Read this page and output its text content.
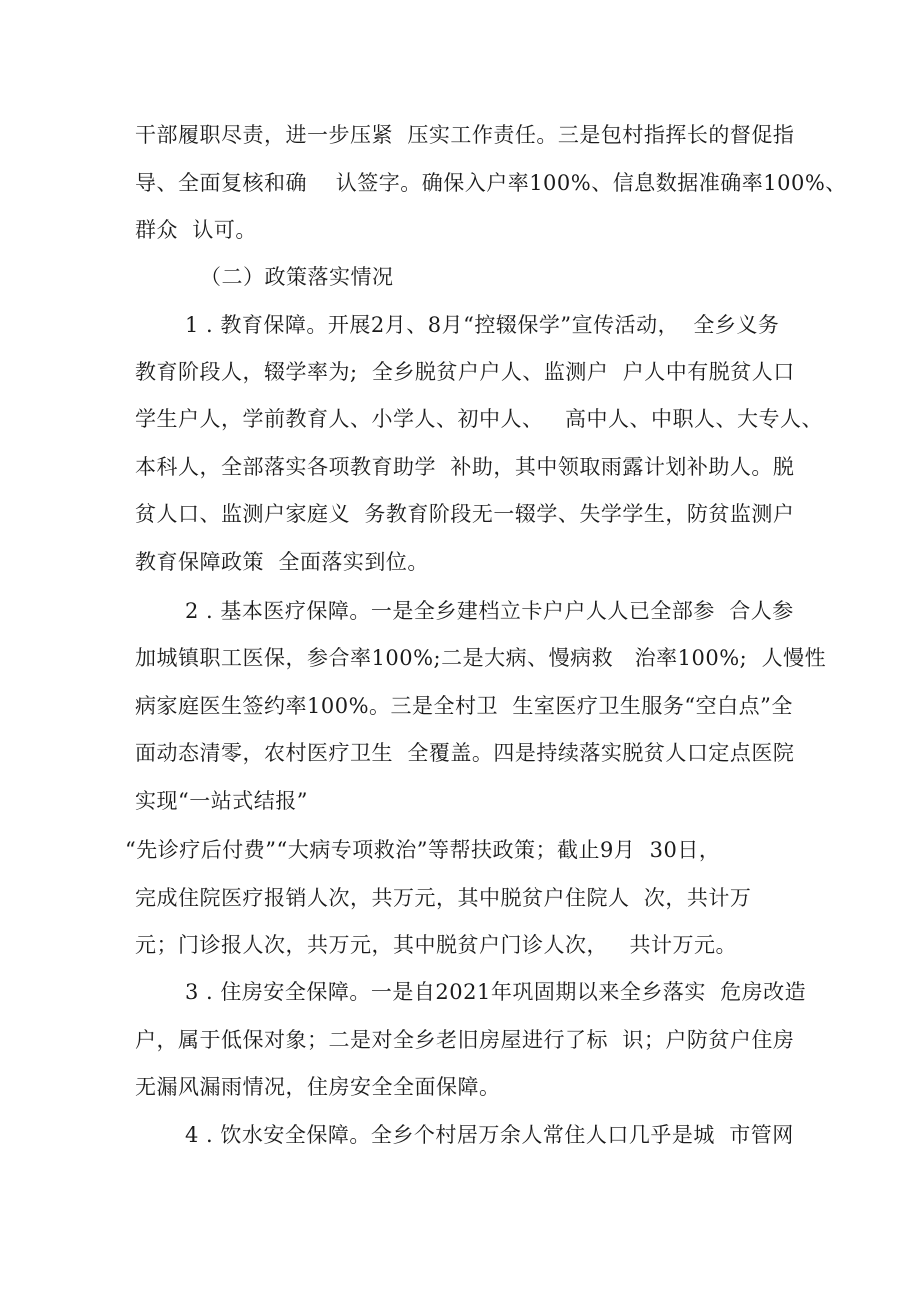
干部履职尽责，进一步压紧  压实工作责任。三是包村指挥长的督促指
导、全面复核和确    认签字。确保入户率100%、信息数据准确率100%、
群众  认可。
（二）政策落实情况
1 . 教育保障。开展2月、8月“控辍保学”宣传活动，  全乡义务
教育阶段人，辍学率为;  全乡脱贫户户人、监测户  户人中有脱贫人口
学生户人，学前教育人、小学人、初中人、   高中人、中职人、大专人、
本科人，全部落实各项教育助学  补助，其中领取雨露计划补助人。脱
贫人口、监测户家庭义  务教育阶段无一辍学、失学学生，防贫监测户
教育保障政策  全面落实到位。
2 . 基本医疗保障。一是全乡建档立卡户户人人已全部参  合人参
加城镇职工医保，参合率100%;二是大病、慢病救   治率100%;  人慢性
病家庭医生签约率100%。三是全村卫  生室医疗卫生服务“空白点”全
面动态清零，农村医疗卫生  全覆盖。四是持续落实脱贫人口定点医院
实现“一站式结报”
“先诊疗后付费”“大病专项救治”等帮扶政策；截止9月  30日，
完成住院医疗报销人次，共万元，其中脱贫户住院人  次，共计万
元；门诊报人次，共万元，其中脱贫户门诊人次，   共计万元。
3 . 住房安全保障。一是自2021年巩固期以来全乡落实  危房改造
户，属于低保对象；二是对全乡老旧房屋进行了标  识；户防贫户住房
无漏风漏雨情况，住房安全全面保障。
4 . 饮水安全保障。全乡个村居万余人常住人口几乎是城  市管网
